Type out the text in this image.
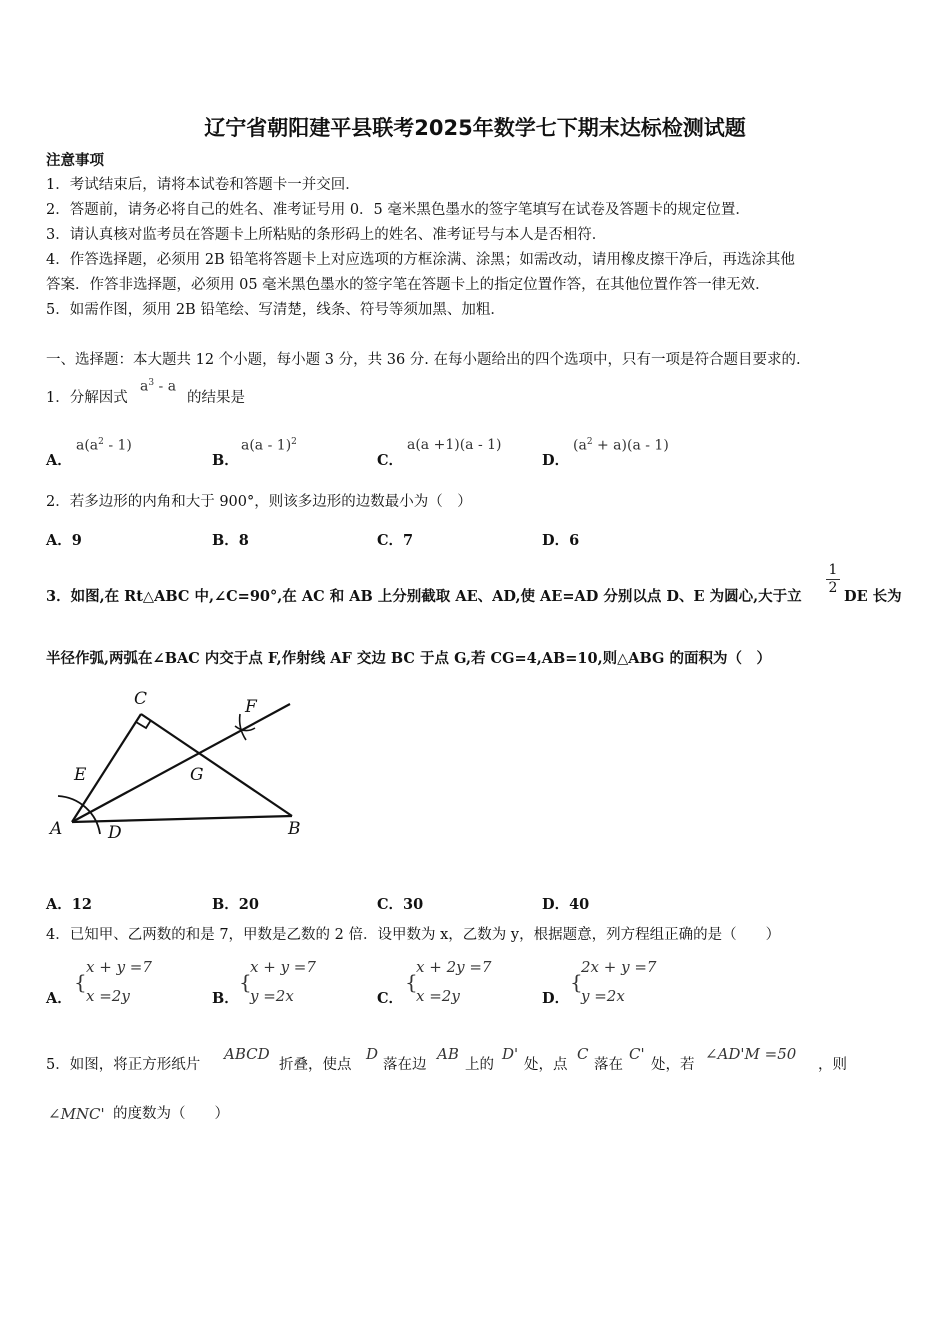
辽宁省朝阳建平县联考2025年数学七下期末达标检测试题
注意事项
1．考试结束后，请将本试卷和答题卡一并交回．
2．答题前，请务必将自己的姓名、准考证号用 0．5 毫米黑色墨水的签字笔填写在试卷及答题卡的规定位置．
3．请认真核对监考员在答题卡上所粘贴的条形码上的姓名、准考证号与本人是否相符．
4．作答选择题，必须用 2B 铅笔将答题卡上对应选项的方框涂满、涂黑；如需改动，请用橡皮擦干净后，再选涂其他
答案．作答非选择题，必须用 05 毫米黑色墨水的签字笔在答题卡上的指定位置作答，在其他位置作答一律无效．
5．如需作图，须用 2B 铅笔绘、写清楚，线条、符号等须加黑、加粗．
一、选择题：本大题共 12 个小题，每小题 3 分，共 36 分. 在每小题给出的四个选项中，只有一项是符合题目要求的.
1．分解因式
$a^3$ - a
的结果是
A．
$a(a^2 - 1)$
B．
a(a - 1)$^2$
C．
a(a +1)(a - 1)
D．
$(a^2 + a)(a - 1)$
2．若多边形的内角和大于 900°，则该多边形的边数最小为（　）
A．9	B．8	C．7	D．6
3．如图,在 Rt△ABC 中,∠C=90°,在 AC 和 AB 上分别截取 AE、AD,使 AE=AD 分别以点 D、E 为圆心,大于立
$\frac{1}{2}$
DE 长为
半径作弧,两弧在∠BAC 内交于点 F,作射线 AF 交边 BC 于点 G,若 CG=4,AB=10,则△ABG 的面积为（　）
C	F
E	G
A	D	B
A．12	B．20	C．30	D．40
4．已知甲、乙两数的和是 7，甲数是乙数的 2 倍．设甲数为 x，乙数为 y，根据题意，列方程组正确的是（　　）
A．
{
x + y =7
x =2y	B．
{
x + y =7
y =2x	C．
{
x + 2y =7
x =2y	D．
{
2x + y =7
y =2x
5．如图，将正方形纸片
ABCD
折叠，使点
D
落在边
AB
上的
D'
处，点
C
落在
C'
处，若
∠AD'M =50
，则
∠MNC' 的度数为（　　）
